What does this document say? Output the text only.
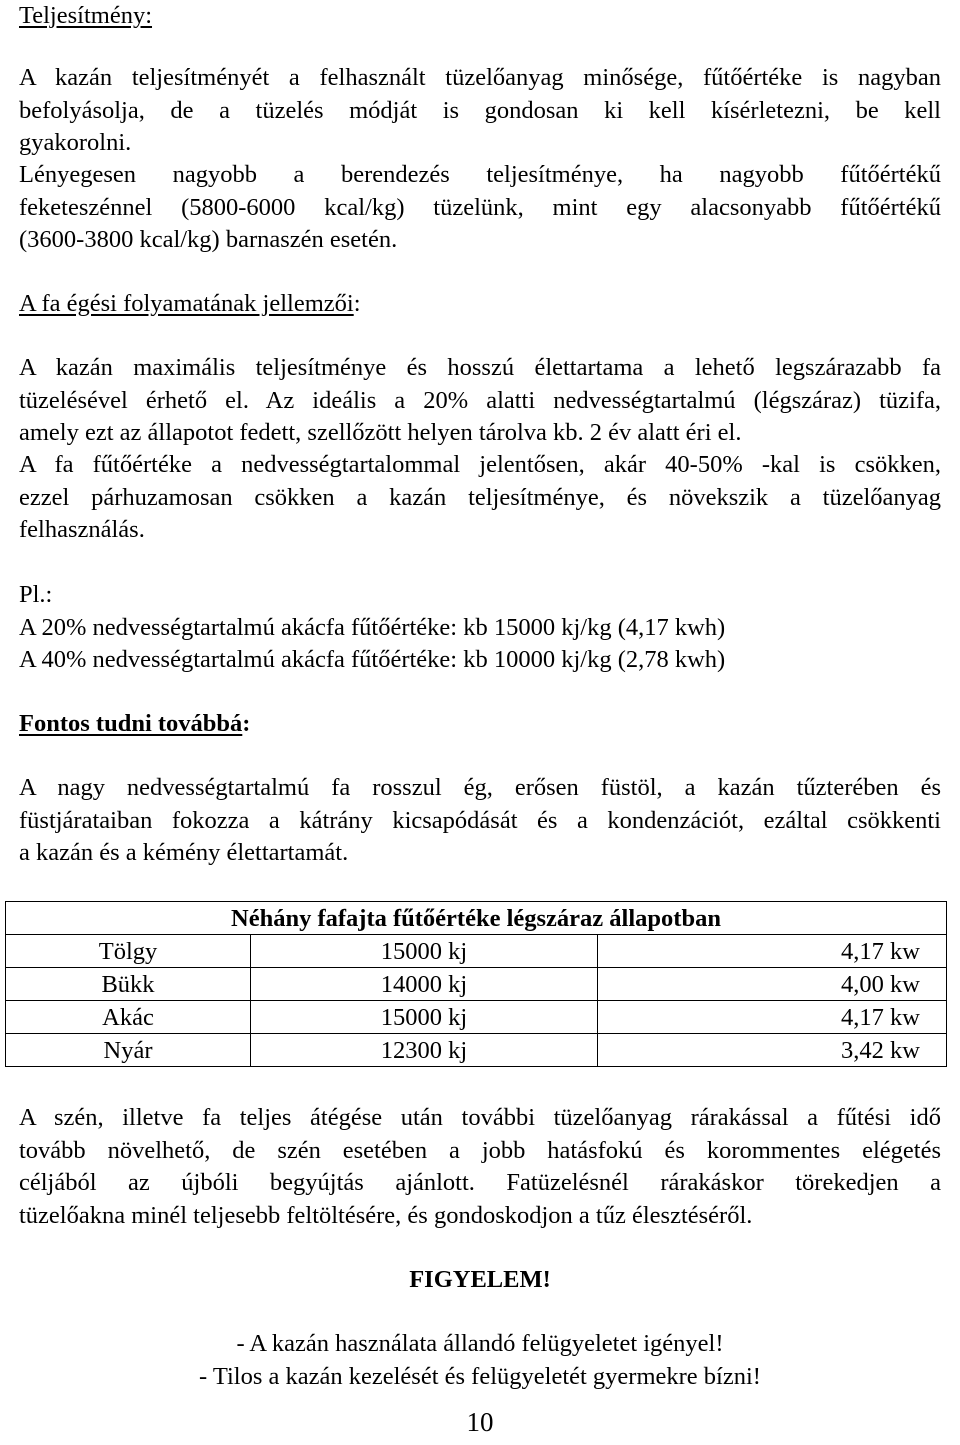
Teljesítmény:
A kazán teljesítményét a felhasznált tüzelőanyag minősége, fűtőértéke is nagyban
befolyásolja, de a tüzelés módját is gondosan ki kell kísérletezni, be kell
gyakorolni.
Lényegesen nagyobb a berendezés teljesítménye, ha nagyobb fűtőértékű
feketeszénnel (5800-6000 kcal/kg) tüzelünk, mint egy alacsonyabb fűtőértékű
(3600-3800 kcal/kg) barnaszén esetén.
A fa égési folyamatának jellemzői:
A kazán maximális teljesítménye és hosszú élettartama a lehető legszárazabb fa
tüzelésével érhető el. Az ideális a 20% alatti nedvességtartalmú (légszáraz) tüzifa,
amely ezt az állapotot fedett, szellőzött helyen tárolva kb. 2 év alatt éri el.
A fa fűtőértéke a nedvességtartalommal jelentősen, akár 40-50% -kal is csökken,
ezzel párhuzamosan csökken a kazán teljesítménye, és növekszik a tüzelőanyag
felhasználás.
Pl.:
A 20% nedvességtartalmú akácfa fűtőértéke: kb 15000 kj/kg (4,17 kwh)
A 40% nedvességtartalmú akácfa fűtőértéke: kb 10000 kj/kg (2,78 kwh)
Fontos tudni továbbá:
A nagy nedvességtartalmú fa rosszul ég, erősen füstöl, a kazán tűzterében és
füstjárataiban fokozza a kátrány kicsapódását és a kondenzációt, ezáltal csökkenti
a kazán és a kémény élettartamát.
Néhány fafajta fűtőértéke légszáraz állapotban		
Tölgy	15000 kj	4,17 kw
Bükk	14000 kj	4,00 kw
Akác	15000 kj	4,17 kw
Nyár	12300 kj	3,42 kw
A szén, illetve fa teljes átégése után további tüzelőanyag rárakással a fűtési idő
tovább növelhető, de szén esetében a jobb hatásfokú és korommentes elégetés
céljából az újbóli begyújtás ajánlott. Fatüzelésnél rárakáskor törekedjen a
tüzelőakna minél teljesebb feltöltésére, és gondoskodjon a tűz élesztéséről.
FIGYELEM!
- A kazán használata állandó felügyeletet igényel!
- Tilos a kazán kezelését és felügyeletét gyermekre bízni!
10
